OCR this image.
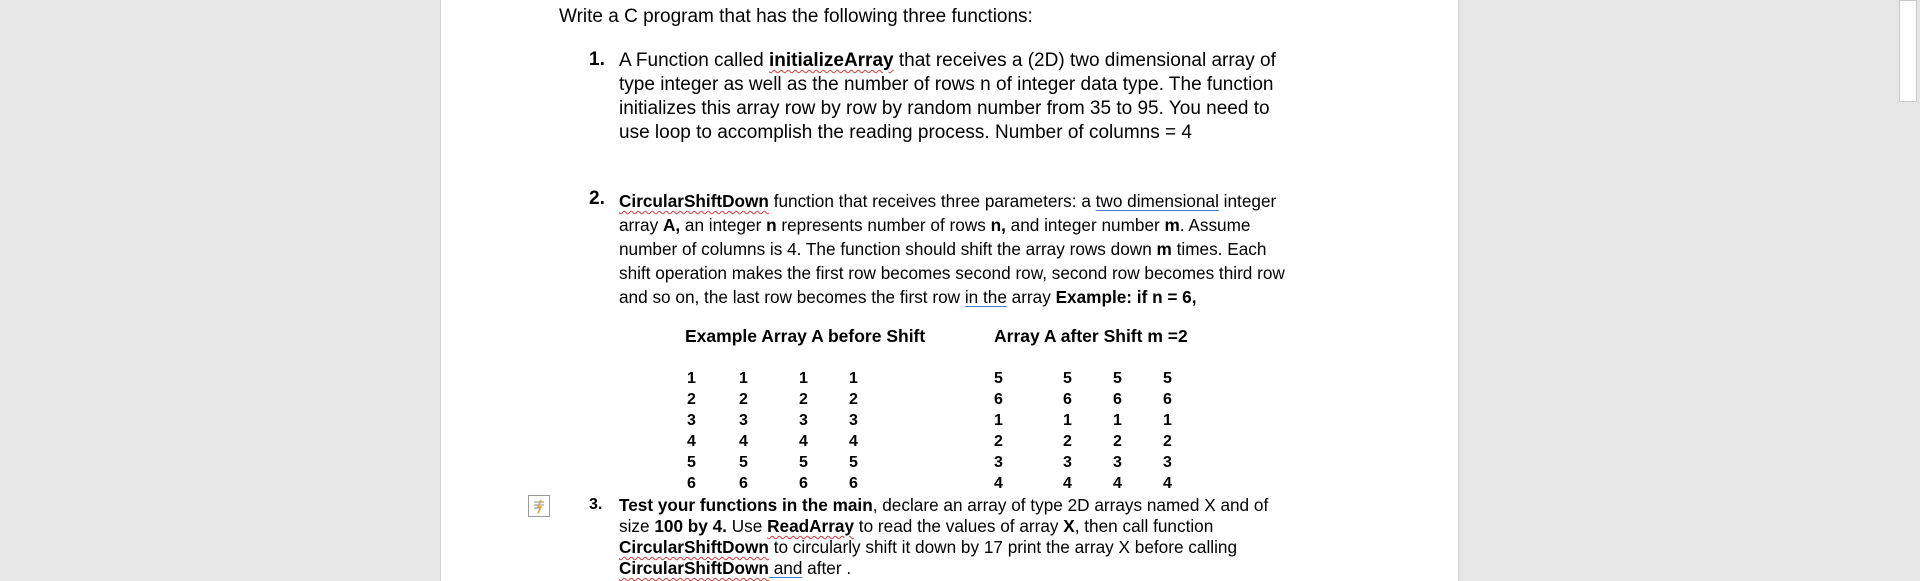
Write a C program that has the following three functions:
1. A Function called initializeArray that receives a (2D) two dimensional array of
type integer as well as the number of rows n of integer data type. The function
initializes this array row by row by random number from 35 to 95. You need to
use loop to accomplish the reading process. Number of columns = 4
2. CircularShiftDown function that receives three parameters: a two dimensional integer
array A, an integer n represents number of rows n, and integer number m. Assume
number of columns is 4. The function should shift the array rows down m times. Each
shift operation makes the first row becomes second row, second row becomes third row
and so on, the last row becomes the first row in the array Example: if n = 6,
Example Array A before Shift	Array A after Shift m =2
3. Test your functions in the main, declare an array of type 2D arrays named X and of
size 100 by 4. Use ReadArray to read the values of array X, then call function
CircularShiftDown to circularly shift it down by 17 print the array X before calling
CircularShiftDown and after .
1	1	1	1
2	2	2	2
3	3	3	3
4	4	4	4
5	5	5	5
6	6	6	6
5	5	5	5
6	6	6	6
1	1	1	1
2	2	2	2
3	3	3	3
4	4	4	4
